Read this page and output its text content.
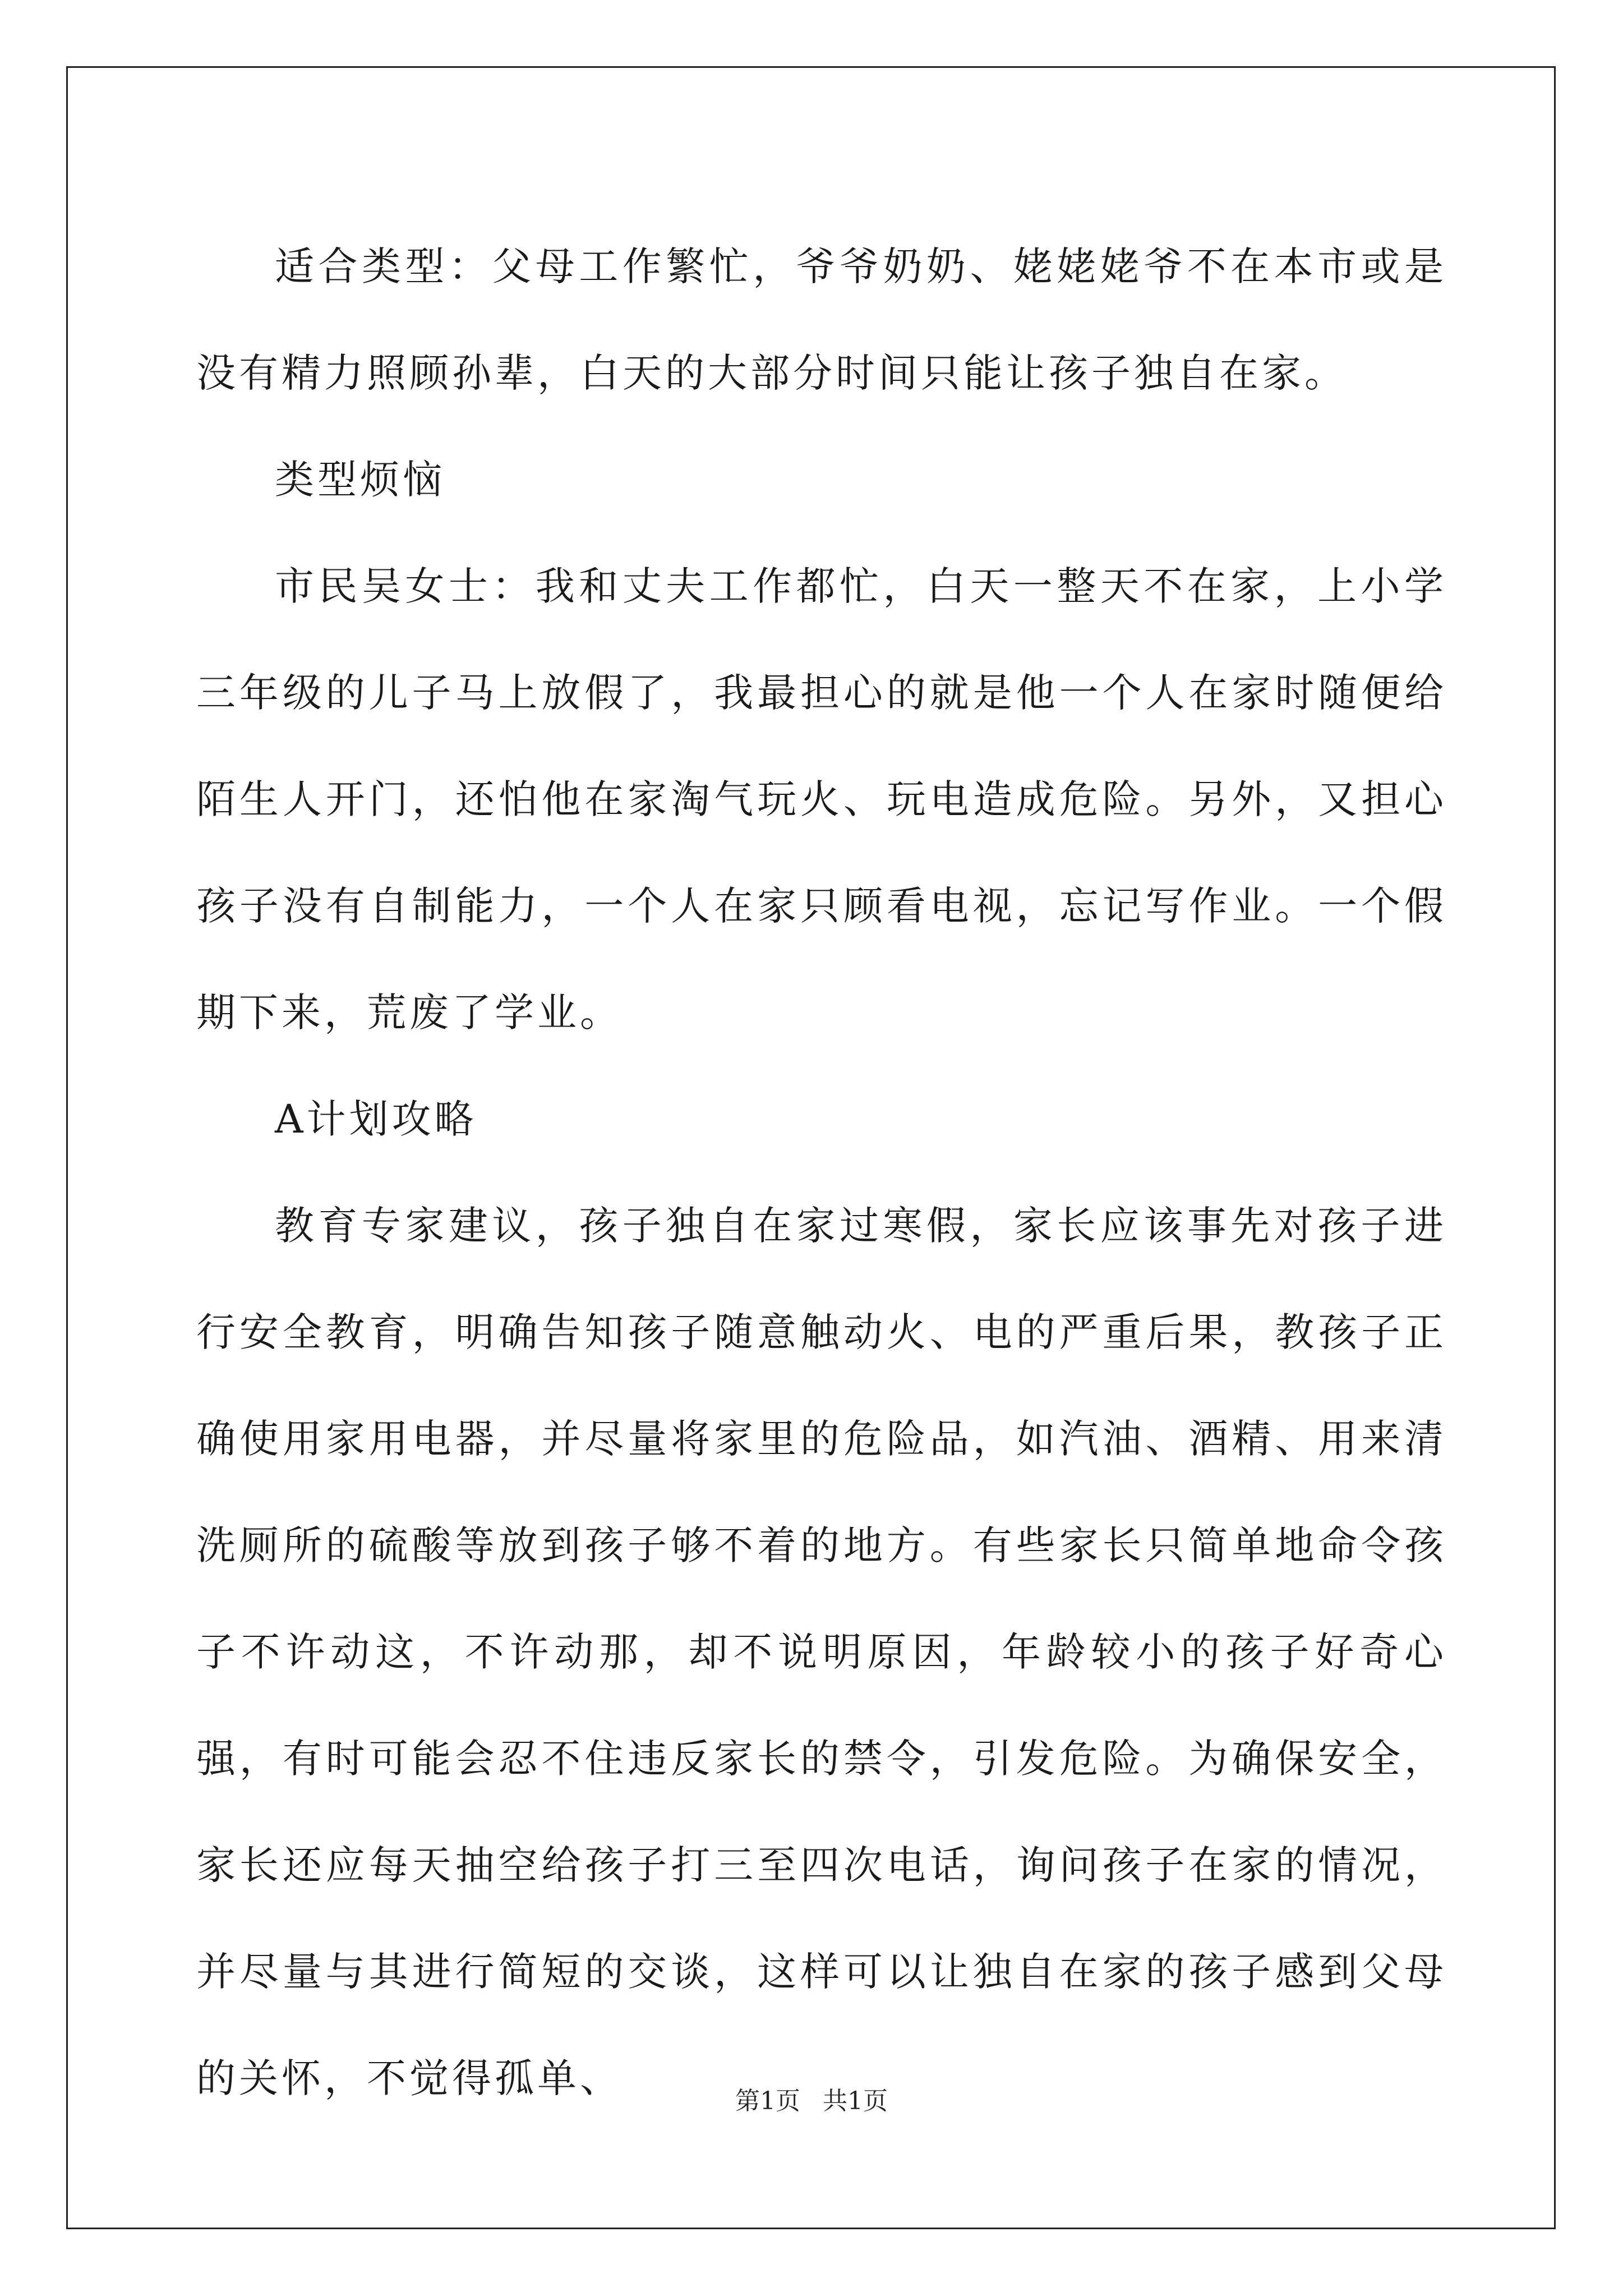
适合类型：父母工作繁忙，爷爷奶奶、姥姥姥爷不在本市或是没有精力照顾孙辈，白天的大部分时间只能让孩子独自在家。

类型烦恼

市民吴女士：我和丈夫工作都忙，白天一整天不在家，上小学三年级的儿子马上放假了，我最担心的就是他一个人在家时随便给陌生人开门，还怕他在家淘气玩火、玩电造成危险。另外，又担心孩子没有自制能力，一个人在家只顾看电视，忘记写作业。一个假期下来，荒废了学业。

A计划攻略

教育专家建议，孩子独自在家过寒假，家长应该事先对孩子进行安全教育，明确告知孩子随意触动火、电的严重后果，教孩子正确使用家用电器，并尽量将家里的危险品，如汽油、酒精、用来清洗厕所的硫酸等放到孩子够不着的地方。有些家长只简单地命令孩子不许动这，不许动那，却不说明原因，年龄较小的孩子好奇心强，有时可能会忍不住违反家长的禁令，引发危险。为确保安全，家长还应每天抽空给孩子打三至四次电话，询问孩子在家的情况，并尽量与其进行简短的交谈，这样可以让独自在家的孩子感到父母的关怀，不觉得孤单、	第1页 共1页
